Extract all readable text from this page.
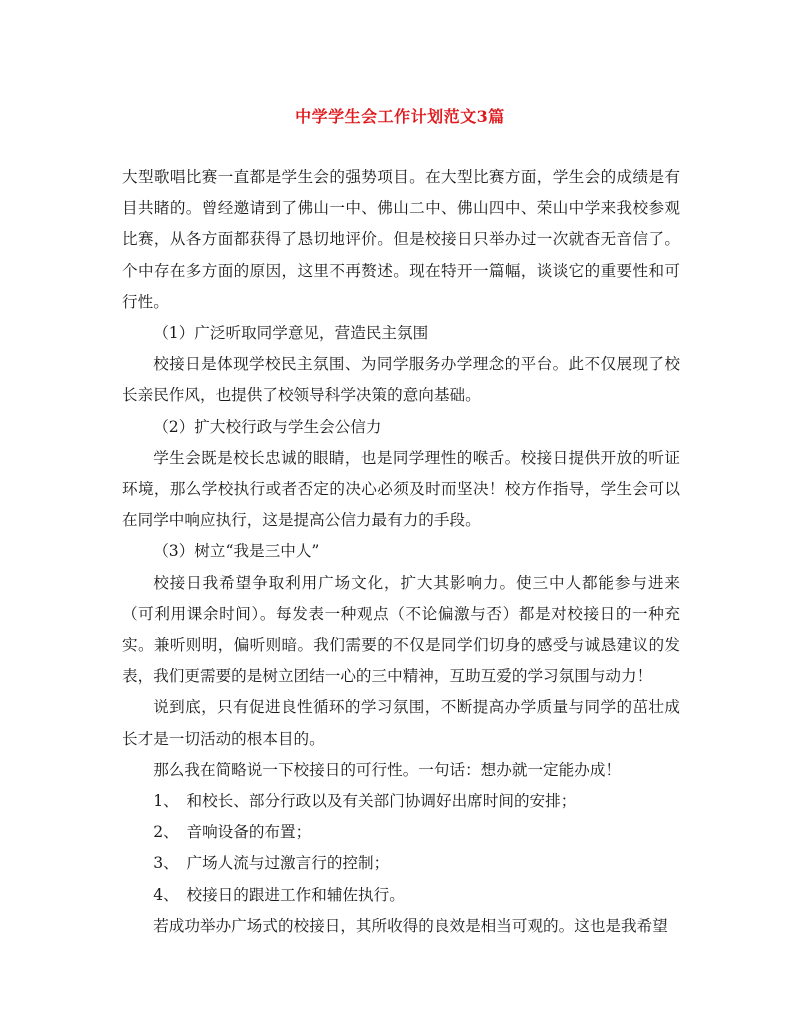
中学学生会工作计划范文3篇

大型歌唱比赛一直都是学生会的强势项目。在大型比赛方面，学生会的成绩是有目共睹的。曾经邀请到了佛山一中、佛山二中、佛山四中、荣山中学来我校参观比赛，从各方面都获得了恳切地评价。但是校接日只举办过一次就杳无音信了。个中存在多方面的原因，这里不再赘述。现在特开一篇幅，谈谈它的重要性和可行性。

（1）广泛听取同学意见，营造民主氛围

校接日是体现学校民主氛围、为同学服务办学理念的平台。此不仅展现了校长亲民作风，也提供了校领导科学决策的意向基础。

（2）扩大校行政与学生会公信力

学生会既是校长忠诚的眼睛，也是同学理性的喉舌。校接日提供开放的听证环境，那么学校执行或者否定的决心必须及时而坚决！校方作指导，学生会可以在同学中响应执行，这是提高公信力最有力的手段。

（3）树立“我是三中人”

校接日我希望争取利用广场文化，扩大其影响力。使三中人都能参与进来（可利用课余时间）。每发表一种观点（不论偏激与否）都是对校接日的一种充实。兼听则明，偏听则暗。我们需要的不仅是同学们切身的感受与诚恳建议的发表，我们更需要的是树立团结一心的三中精神，互助互爱的学习氛围与动力！

说到底，只有促进良性循环的学习氛围，不断提高办学质量与同学的茁壮成长才是一切活动的根本目的。

那么我在简略说一下校接日的可行性。一句话：想办就一定能办成！

1、　和校长、部分行政以及有关部门协调好出席时间的安排；

2、　音响设备的布置；

3、　广场人流与过激言行的控制；

4、　校接日的跟进工作和辅佐执行。

若成功举办广场式的校接日，其所收得的良效是相当可观的。这也是我希望
